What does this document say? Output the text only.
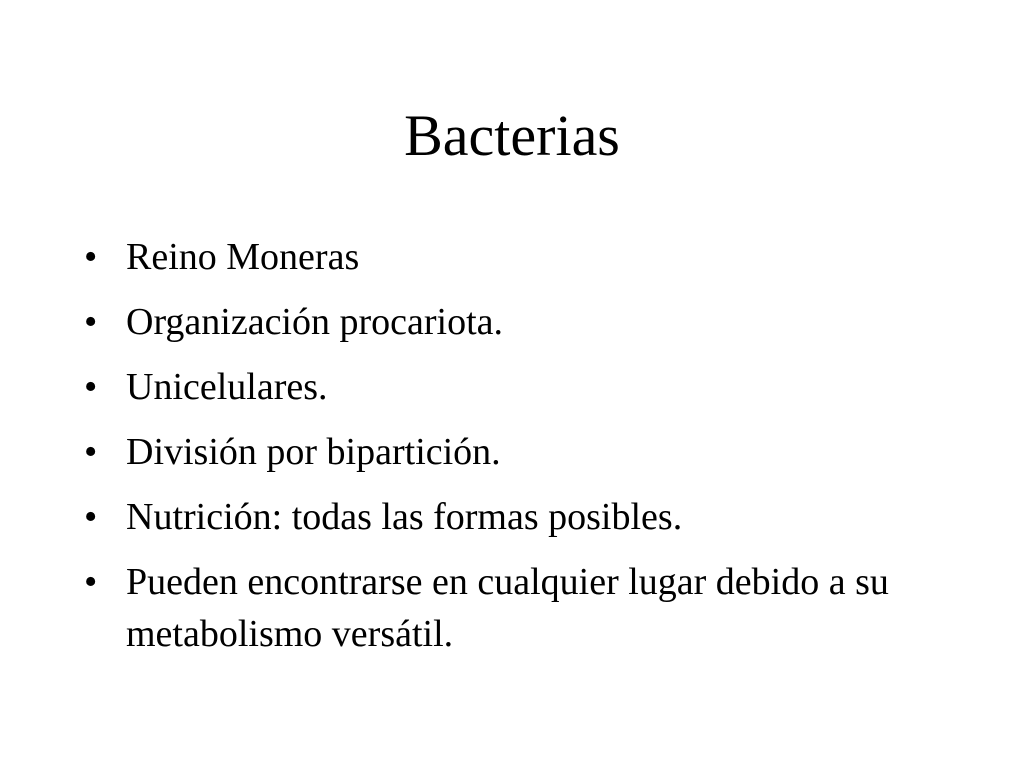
Bacterias
• Reino Moneras
• Organización procariota.
• Unicelulares.
• División por bipartición.
• Nutrición: todas las formas posibles.
• Pueden encontrarse en cualquier lugar debido a su metabolismo versátil.
